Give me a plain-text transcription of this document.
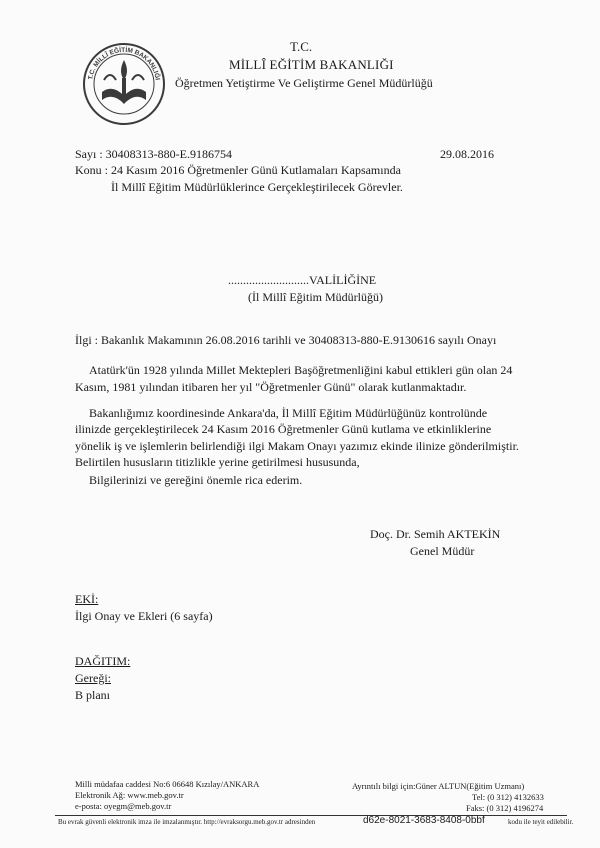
T.C. MİLLÎ EĞİTİM BAKANLIĞI
T.C.
MİLLÎ EĞİTİM BAKANLIĞI
Öğretmen Yetiştirme Ve Geliştirme Genel Müdürlüğü
Sayı : 30408313-880-E.9186754	29.08.2016
Konu : 24 Kasım 2016 Öğretmenler Günü Kutlamaları Kapsamında
İl Millî Eğitim Müdürlüklerince Gerçekleştirilecek Görevler.
...........................VALİLİĞİNE
(İl Millî Eğitim Müdürlüğü)
İlgi : Bakanlık Makamının 26.08.2016 tarihli ve 30408313-880-E.9130616 sayılı Onayı
Atatürk'ün 1928 yılında Millet Mektepleri Başöğretmenliğini kabul ettikleri gün olan 24
Kasım, 1981 yılından itibaren her yıl "Öğretmenler Günü" olarak kutlanmaktadır.
Bakanlığımız koordinesinde Ankara'da, İl Millî Eğitim Müdürlüğünüz kontrolünde
ilinizde gerçekleştirilecek 24 Kasım 2016 Öğretmenler Günü kutlama ve etkinliklerine
yönelik iş ve işlemlerin belirlendiği ilgi Makam Onayı yazımız ekinde ilinize gönderilmiştir.
Belirtilen hususların titizlikle yerine getirilmesi hususunda,
Bilgilerinizi ve gereğini önemle rica ederim.
Doç. Dr. Semih AKTEKİN
Genel Müdür
EKİ:
İlgi Onay ve Ekleri (6 sayfa)
DAĞITIM:
Gereği:
B planı
Milli müdafaa caddesi No:6 06648 Kızılay/ANKARA
Elektronik Ağ: www.meb.gov.tr
e-posta: oyegm@meb.gov.tr
Ayrıntılı bilgi için:Güner ALTUN(Eğitim Uzmanı)
Tel: (0 312) 4132633
Faks: (0 312) 4196274
Bu evrak güvenli elektronik imza ile imzalanmıştır. http://evraksorgu.meb.gov.tr adresinden	d62e-8021-3683-8408-0bbf	kodu ile teyit edilebilir.
